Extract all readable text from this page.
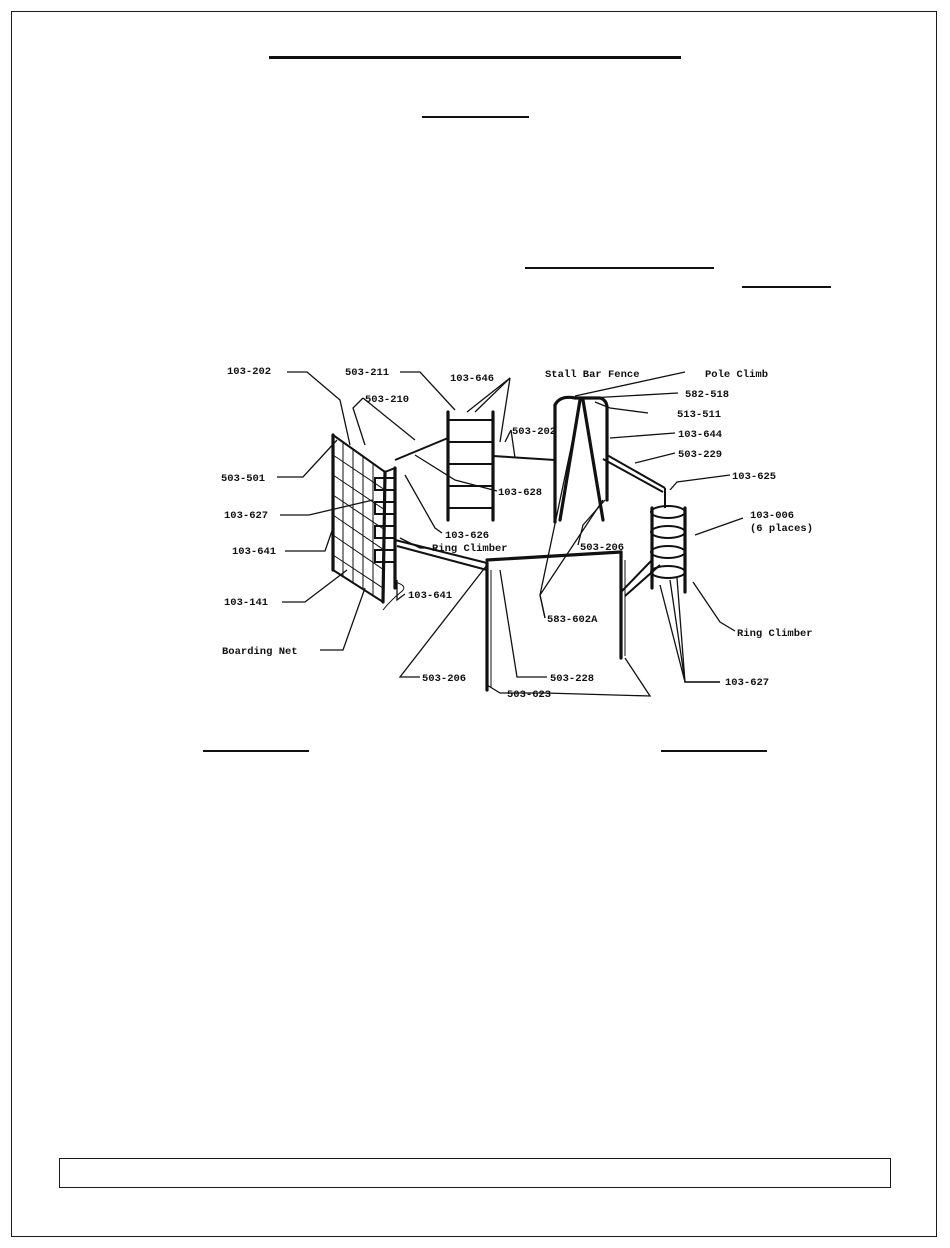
103-202	503-211	103-646	Stall Bar Fence	Pole Climb
503-210	582-518
513-511
503-202	103-644
503-229
503-501
103-628
103-625
103-627	103-006
(6 places)
103-626
103-641	Ring Climber	503-206
103-641
103-141
583-602A
Ring Climber
Boarding Net
503-206	503-228	103-627
503-623
